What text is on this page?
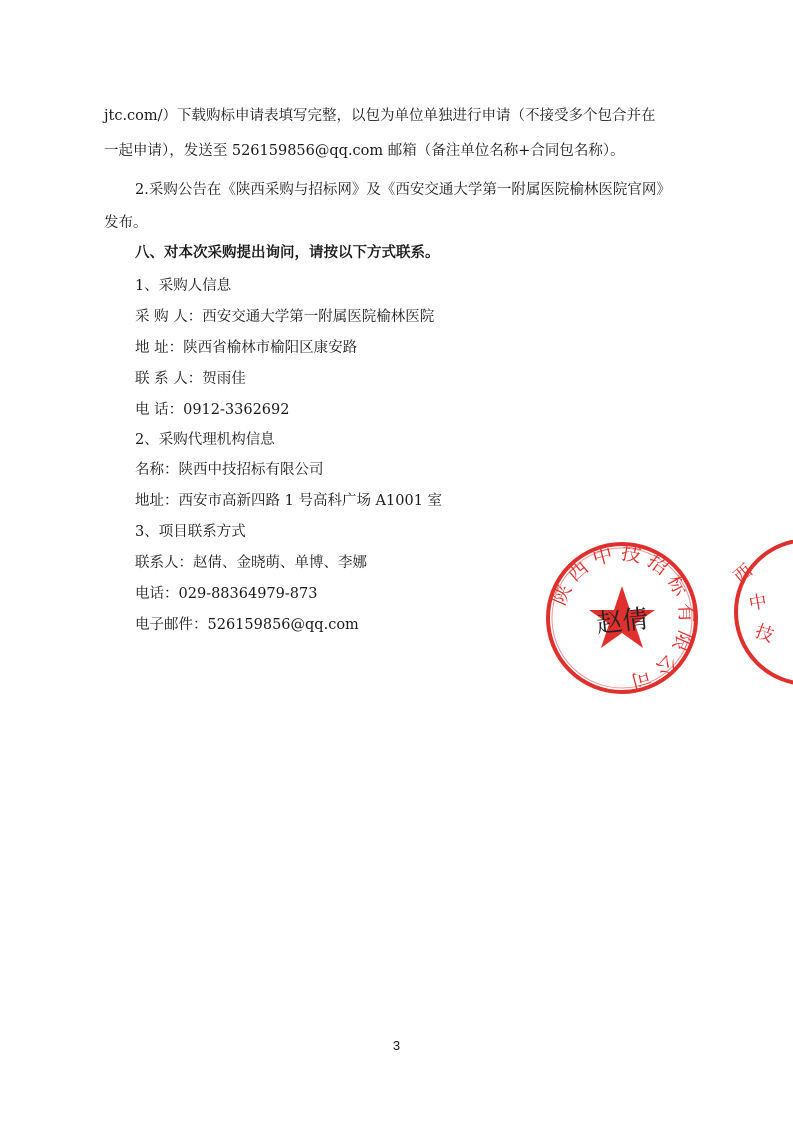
jtc.com/）下载购标申请表填写完整，以包为单位单独进行申请（不接受多个包合并在
一起申请），发送至 526159856@qq.com 邮箱（备注单位名称+合同包名称）。
2.采购公告在《陕西采购与招标网》及《西安交通大学第一附属医院榆林医院官网》
发布。
八、对本次采购提出询问，请按以下方式联系。
1、采购人信息
采 购 人：西安交通大学第一附属医院榆林医院
地 址：陕西省榆林市榆阳区康安路
联 系 人：贺雨佳
电 话：0912-3362692
2、采购代理机构信息
名称：陕西中技招标有限公司
地址：西安市高新四路 1 号高科广场 A1001 室
3、项目联系方式
联系人：赵倩、金晓萌、单博、李娜
电话：029-88364979-873
电子邮件：526159856@qq.com
陕西中技招标有限公司
赵倩
西
中
技
3
